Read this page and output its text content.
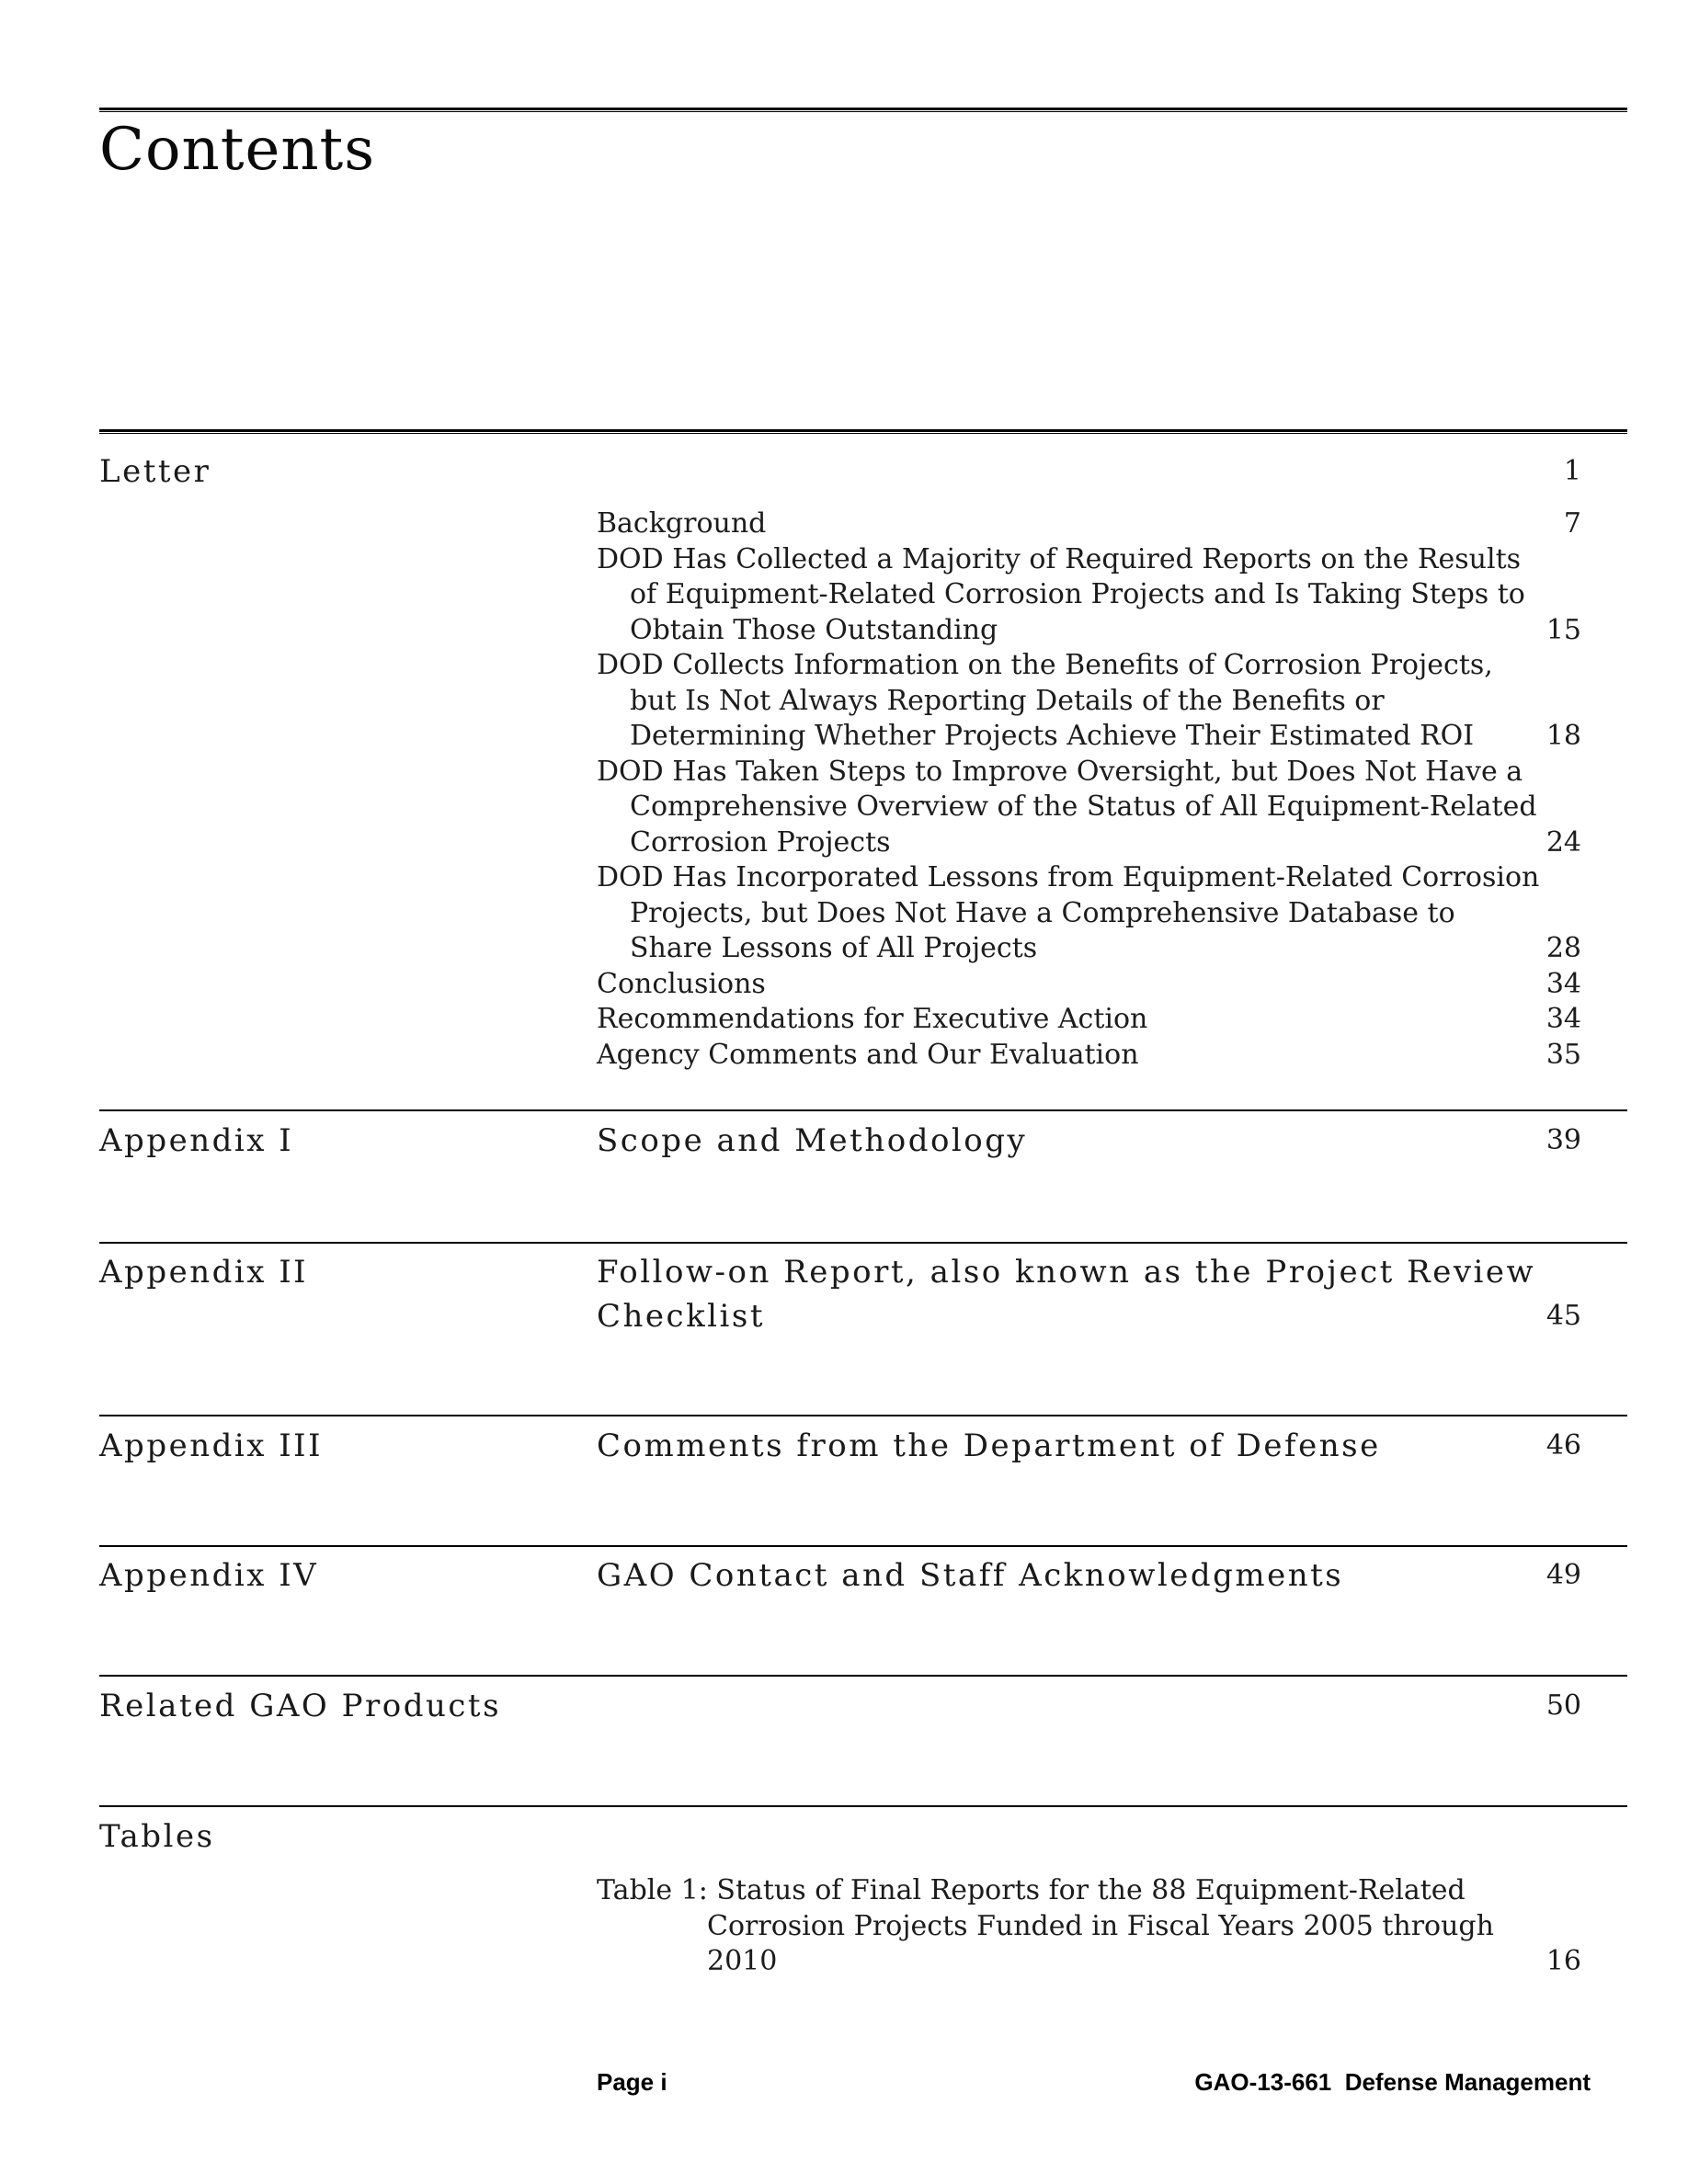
Contents
Letter	1
Background	7
DOD Has Collected a Majority of Required Reports on the Results
of Equipment-Related Corrosion Projects and Is Taking Steps to
Obtain Those Outstanding	15
DOD Collects Information on the Benefits of Corrosion Projects,
but Is Not Always Reporting Details of the Benefits or
Determining Whether Projects Achieve Their Estimated ROI	18
DOD Has Taken Steps to Improve Oversight, but Does Not Have a
Comprehensive Overview of the Status of All Equipment-Related
Corrosion Projects	24
DOD Has Incorporated Lessons from Equipment-Related Corrosion
Projects, but Does Not Have a Comprehensive Database to
Share Lessons of All Projects	28
Conclusions	34
Recommendations for Executive Action	34
Agency Comments and Our Evaluation	35
Appendix I	Scope and Methodology	39
Appendix II	Follow-on Report, also known as the Project Review
Checklist	45
Appendix III	Comments from the Department of Defense	46
Appendix IV	GAO Contact and Staff Acknowledgments	49
Related GAO Products	50
Tables
Table 1: Status of Final Reports for the 88 Equipment-Related
Corrosion Projects Funded in Fiscal Years 2005 through
2010	16
Page i	GAO-13-661  Defense Management
